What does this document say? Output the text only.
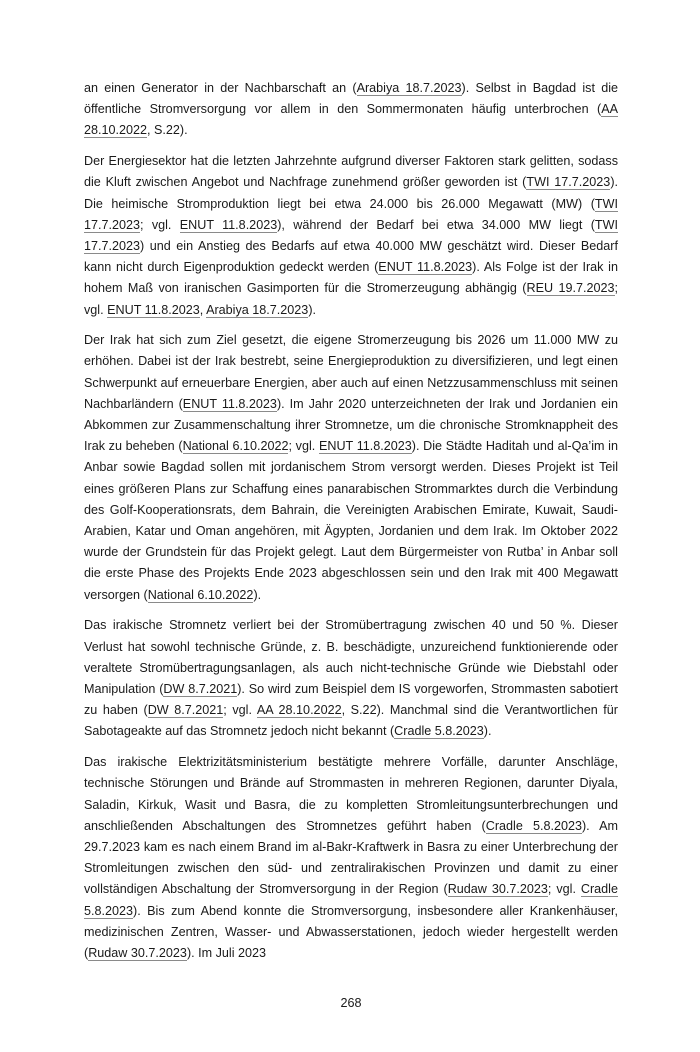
an einen Generator in der Nachbarschaft an (Arabiya 18.7.2023). Selbst in Bagdad ist die öffentliche Stromversorgung vor allem in den Sommermonaten häufig unterbrochen (AA 28.10.2022, S.22).

Der Energiesektor hat die letzten Jahrzehnte aufgrund diverser Faktoren stark gelitten, sodass die Kluft zwischen Angebot und Nachfrage zunehmend größer geworden ist (TWI 17.7.2023). Die heimische Stromproduktion liegt bei etwa 24.000 bis 26.000 Megawatt (MW) (TWI 17.7.2023; vgl. ENUT 11.8.2023), während der Bedarf bei etwa 34.000 MW liegt (TWI 17.7.2023) und ein Anstieg des Bedarfs auf etwa 40.000 MW geschätzt wird. Dieser Bedarf kann nicht durch Eigenproduktion gedeckt werden (ENUT 11.8.2023). Als Folge ist der Irak in hohem Maß von iranischen Gasimporten für die Stromerzeugung abhängig (REU 19.7.2023; vgl. ENUT 11.8.2023, Arabiya 18.7.2023).

Der Irak hat sich zum Ziel gesetzt, die eigene Stromerzeugung bis 2026 um 11.000 MW zu erhöhen. Dabei ist der Irak bestrebt, seine Energieproduktion zu diversifizieren, und legt einen Schwerpunkt auf erneuerbare Energien, aber auch auf einen Netzzusammenschluss mit seinen Nachbarländern (ENUT 11.8.2023). Im Jahr 2020 unterzeichneten der Irak und Jordanien ein Abkommen zur Zusammenschaltung ihrer Stromnetze, um die chronische Stromknappheit des Irak zu beheben (National 6.10.2022; vgl. ENUT 11.8.2023). Die Städte Haditah und al-Qa’im in Anbar sowie Bagdad sollen mit jordanischem Strom versorgt werden. Dieses Projekt ist Teil eines größeren Plans zur Schaffung eines panarabischen Strommarktes durch die Verbindung des Golf-Kooperationsrats, dem Bahrain, die Vereinigten Arabischen Emirate, Kuwait, Saudi-Arabien, Katar und Oman angehören, mit Ägypten, Jordanien und dem Irak. Im Oktober 2022 wurde der Grundstein für das Projekt gelegt. Laut dem Bürgermeister von Rutba’ in Anbar soll die erste Phase des Projekts Ende 2023 abgeschlossen sein und den Irak mit 400 Megawatt versorgen (National 6.10.2022).

Das irakische Stromnetz verliert bei der Stromübertragung zwischen 40 und 50 %. Dieser Verlust hat sowohl technische Gründe, z. B. beschädigte, unzureichend funktionierende oder veraltete Stromübertragungsanlagen, als auch nicht-technische Gründe wie Diebstahl oder Manipulation (DW 8.7.2021). So wird zum Beispiel dem IS vorgeworfen, Strommasten sabotiert zu haben (DW 8.7.2021; vgl. AA 28.10.2022, S.22). Manchmal sind die Verantwortlichen für Sabotageakte auf das Stromnetz jedoch nicht bekannt (Cradle 5.8.2023).

Das irakische Elektrizitätsministerium bestätigte mehrere Vorfälle, darunter Anschläge, technische Störungen und Brände auf Strommasten in mehreren Regionen, darunter Diyala, Saladin, Kirkuk, Wasit und Basra, die zu kompletten Stromleitungsunterbrechungen und anschließenden Abschaltungen des Stromnetzes geführt haben (Cradle 5.8.2023). Am 29.7.2023 kam es nach einem Brand im al-Bakr-Kraftwerk in Basra zu einer Unterbrechung der Stromleitungen zwischen den süd- und zentralirakischen Provinzen und damit zu einer vollständigen Abschaltung der Stromversorgung in der Region (Rudaw 30.7.2023; vgl. Cradle 5.8.2023). Bis zum Abend konnte die Stromversorgung, insbesondere aller Krankenhäuser, medizinischen Zentren, Wasser- und Abwasserstationen, jedoch wieder hergestellt werden (Rudaw 30.7.2023). Im Juli 2023

268
